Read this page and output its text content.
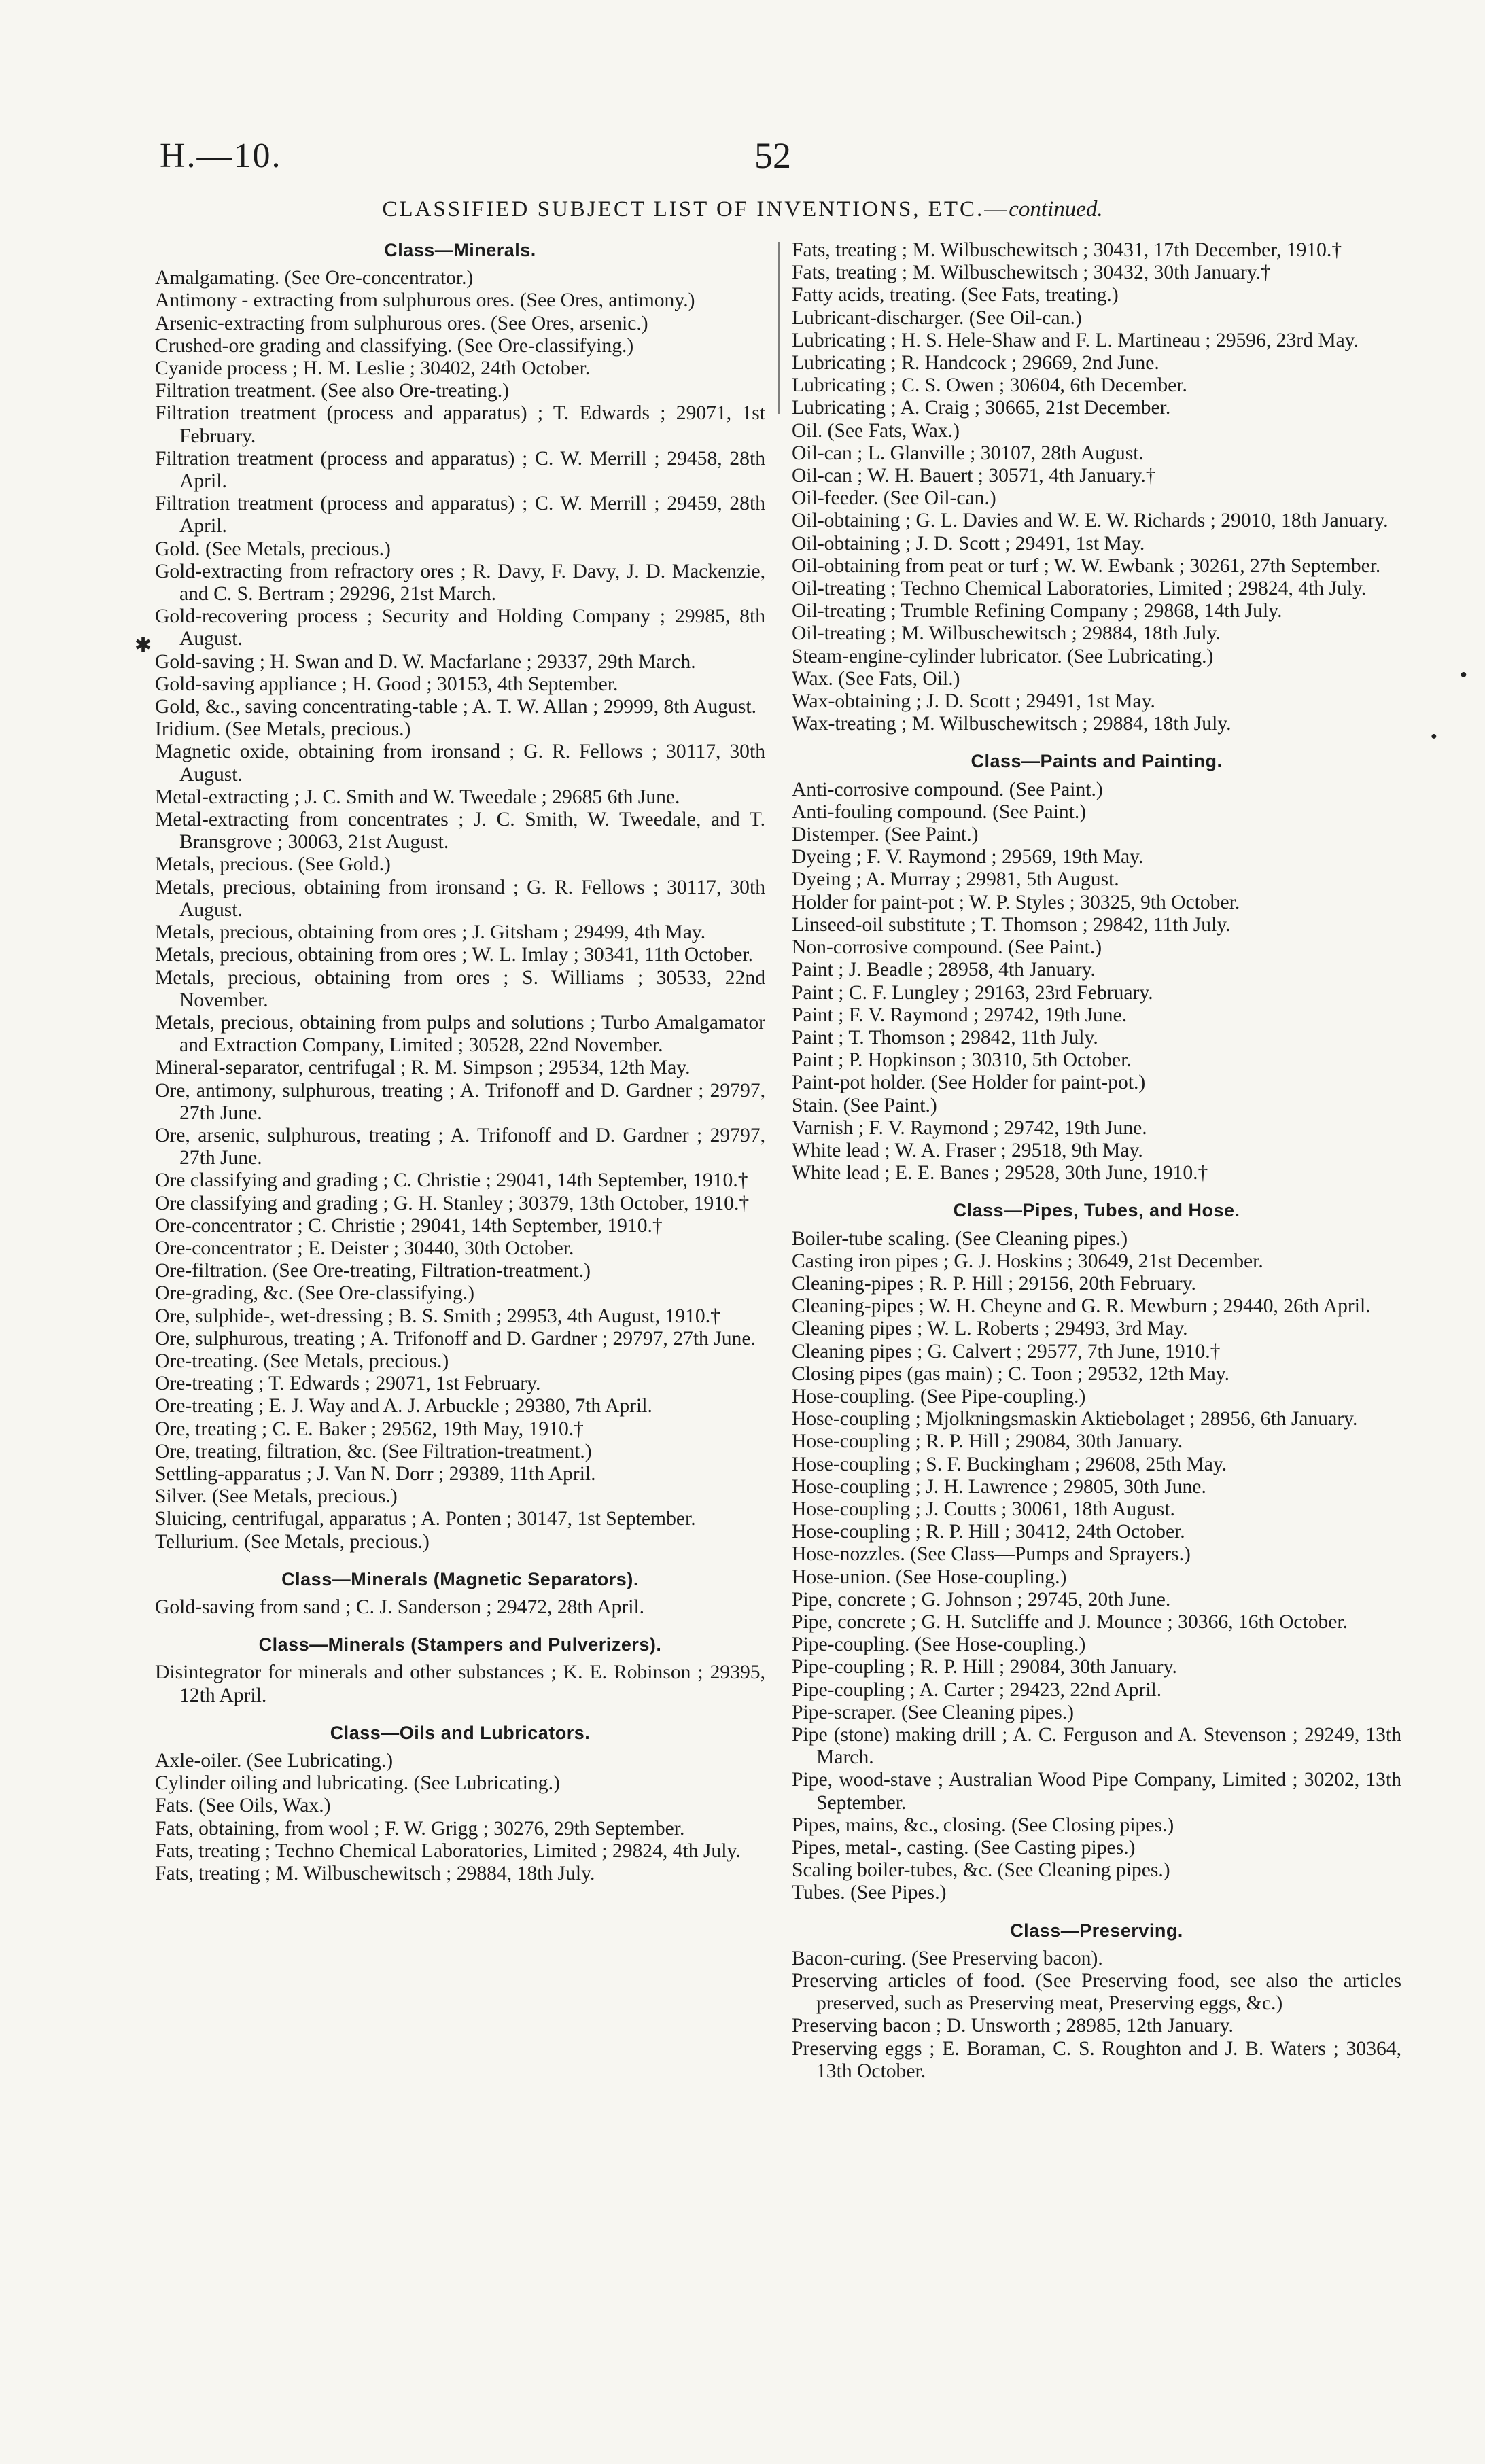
H.—10.	52
CLASSIFIED SUBJECT LIST OF INVENTIONS, ETC.—continued.
Class—Minerals.
Amalgamating. (See Ore-concentrator.)
Antimony - extracting from sulphurous ores. (See Ores, antimony.)
Arsenic-extracting from sulphurous ores. (See Ores, arsenic.)
Crushed-ore grading and classifying. (See Ore-classifying.)
Cyanide process ; H. M. Leslie ; 30402, 24th October.
Filtration treatment. (See also Ore-treating.)
Filtration treatment (process and apparatus) ; T. Edwards ; 29071, 1st February.
Filtration treatment (process and apparatus) ; C. W. Merrill ; 29458, 28th April.
Filtration treatment (process and apparatus) ; C. W. Merrill ; 29459, 28th April.
Gold. (See Metals, precious.)
Gold-extracting from refractory ores ; R. Davy, F. Davy, J. D. Mackenzie, and C. S. Bertram ; 29296, 21st March.
Gold-recovering process ; Security and Holding Company ; 29985, 8th August.
Gold-saving ; H. Swan and D. W. Macfarlane ; 29337, 29th March.
Gold-saving appliance ; H. Good ; 30153, 4th September.
Gold, &c., saving concentrating-table ; A. T. W. Allan ; 29999, 8th August.
Iridium. (See Metals, precious.)
Magnetic oxide, obtaining from ironsand ; G. R. Fellows ; 30117, 30th August.
Metal-extracting ; J. C. Smith and W. Tweedale ; 29685 6th June.
Metal-extracting from concentrates ; J. C. Smith, W. Tweedale, and T. Bransgrove ; 30063, 21st August.
Metals, precious. (See Gold.)
Metals, precious, obtaining from ironsand ; G. R. Fellows ; 30117, 30th August.
Metals, precious, obtaining from ores ; J. Gitsham ; 29499, 4th May.
Metals, precious, obtaining from ores ; W. L. Imlay ; 30341, 11th October.
Metals, precious, obtaining from ores ; S. Williams ; 30533, 22nd November.
Metals, precious, obtaining from pulps and solutions ; Turbo Amalgamator and Extraction Company, Limited ; 30528, 22nd November.
Mineral-separator, centrifugal ; R. M. Simpson ; 29534, 12th May.
Ore, antimony, sulphurous, treating ; A. Trifonoff and D. Gardner ; 29797, 27th June.
Ore, arsenic, sulphurous, treating ; A. Trifonoff and D. Gardner ; 29797, 27th June.
Ore classifying and grading ; C. Christie ; 29041, 14th September, 1910.†
Ore classifying and grading ; G. H. Stanley ; 30379, 13th October, 1910.†
Ore-concentrator ; C. Christie ; 29041, 14th September, 1910.†
Ore-concentrator ; E. Deister ; 30440, 30th October.
Ore-filtration. (See Ore-treating, Filtration-treatment.)
Ore-grading, &c. (See Ore-classifying.)
Ore, sulphide-, wet-dressing ; B. S. Smith ; 29953, 4th August, 1910.†
Ore, sulphurous, treating ; A. Trifonoff and D. Gardner ; 29797, 27th June.
Ore-treating. (See Metals, precious.)
Ore-treating ; T. Edwards ; 29071, 1st February.
Ore-treating ; E. J. Way and A. J. Arbuckle ; 29380, 7th April.
Ore, treating ; C. E. Baker ; 29562, 19th May, 1910.†
Ore, treating, filtration, &c. (See Filtration-treatment.)
Settling-apparatus ; J. Van N. Dorr ; 29389, 11th April.
Silver. (See Metals, precious.)
Sluicing, centrifugal, apparatus ; A. Ponten ; 30147, 1st September.
Tellurium. (See Metals, precious.)
Class—Minerals (Magnetic Separators).
Gold-saving from sand ; C. J. Sanderson ; 29472, 28th April.
Class—Minerals (Stampers and Pulverizers).
Disintegrator for minerals and other substances ; K. E. Robinson ; 29395, 12th April.
Class—Oils and Lubricators.
Axle-oiler. (See Lubricating.)
Cylinder oiling and lubricating. (See Lubricating.)
Fats. (See Oils, Wax.)
Fats, obtaining, from wool ; F. W. Grigg ; 30276, 29th September.
Fats, treating ; Techno Chemical Laboratories, Limited ; 29824, 4th July.
Fats, treating ; M. Wilbuschewitsch ; 29884, 18th July.
Fats, treating ; M. Wilbuschewitsch ; 30431, 17th December, 1910.†
Fats, treating ; M. Wilbuschewitsch ; 30432, 30th January.†
Fatty acids, treating. (See Fats, treating.)
Lubricant-discharger. (See Oil-can.)
Lubricating ; H. S. Hele-Shaw and F. L. Martineau ; 29596, 23rd May.
Lubricating ; R. Handcock ; 29669, 2nd June.
Lubricating ; C. S. Owen ; 30604, 6th December.
Lubricating ; A. Craig ; 30665, 21st December.
Oil. (See Fats, Wax.)
Oil-can ; L. Glanville ; 30107, 28th August.
Oil-can ; W. H. Bauert ; 30571, 4th January.†
Oil-feeder. (See Oil-can.)
Oil-obtaining ; G. L. Davies and W. E. W. Richards ; 29010, 18th January.
Oil-obtaining ; J. D. Scott ; 29491, 1st May.
Oil-obtaining from peat or turf ; W. W. Ewbank ; 30261, 27th September.
Oil-treating ; Techno Chemical Laboratories, Limited ; 29824, 4th July.
Oil-treating ; Trumble Refining Company ; 29868, 14th July.
Oil-treating ; M. Wilbuschewitsch ; 29884, 18th July.
Steam-engine-cylinder lubricator. (See Lubricating.)
Wax. (See Fats, Oil.)
Wax-obtaining ; J. D. Scott ; 29491, 1st May.
Wax-treating ; M. Wilbuschewitsch ; 29884, 18th July.
Class—Paints and Painting.
Anti-corrosive compound. (See Paint.)
Anti-fouling compound. (See Paint.)
Distemper. (See Paint.)
Dyeing ; F. V. Raymond ; 29569, 19th May.
Dyeing ; A. Murray ; 29981, 5th August.
Holder for paint-pot ; W. P. Styles ; 30325, 9th October.
Linseed-oil substitute ; T. Thomson ; 29842, 11th July.
Non-corrosive compound. (See Paint.)
Paint ; J. Beadle ; 28958, 4th January.
Paint ; C. F. Lungley ; 29163, 23rd February.
Paint ; F. V. Raymond ; 29742, 19th June.
Paint ; T. Thomson ; 29842, 11th July.
Paint ; P. Hopkinson ; 30310, 5th October.
Paint-pot holder. (See Holder for paint-pot.)
Stain. (See Paint.)
Varnish ; F. V. Raymond ; 29742, 19th June.
White lead ; W. A. Fraser ; 29518, 9th May.
White lead ; E. E. Banes ; 29528, 30th June, 1910.†
Class—Pipes, Tubes, and Hose.
Boiler-tube scaling. (See Cleaning pipes.)
Casting iron pipes ; G. J. Hoskins ; 30649, 21st December.
Cleaning-pipes ; R. P. Hill ; 29156, 20th February.
Cleaning-pipes ; W. H. Cheyne and G. R. Mewburn ; 29440, 26th April.
Cleaning pipes ; W. L. Roberts ; 29493, 3rd May.
Cleaning pipes ; G. Calvert ; 29577, 7th June, 1910.†
Closing pipes (gas main) ; C. Toon ; 29532, 12th May.
Hose-coupling. (See Pipe-coupling.)
Hose-coupling ; Mjolkningsmaskin Aktiebolaget ; 28956, 6th January.
Hose-coupling ; R. P. Hill ; 29084, 30th January.
Hose-coupling ; S. F. Buckingham ; 29608, 25th May.
Hose-coupling ; J. H. Lawrence ; 29805, 30th June.
Hose-coupling ; J. Coutts ; 30061, 18th August.
Hose-coupling ; R. P. Hill ; 30412, 24th October.
Hose-nozzles. (See Class—Pumps and Sprayers.)
Hose-union. (See Hose-coupling.)
Pipe, concrete ; G. Johnson ; 29745, 20th June.
Pipe, concrete ; G. H. Sutcliffe and J. Mounce ; 30366, 16th October.
Pipe-coupling. (See Hose-coupling.)
Pipe-coupling ; R. P. Hill ; 29084, 30th January.
Pipe-coupling ; A. Carter ; 29423, 22nd April.
Pipe-scraper. (See Cleaning pipes.)
Pipe (stone) making drill ; A. C. Ferguson and A. Stevenson ; 29249, 13th March.
Pipe, wood-stave ; Australian Wood Pipe Company, Limited ; 30202, 13th September.
Pipes, mains, &c., closing. (See Closing pipes.)
Pipes, metal-, casting. (See Casting pipes.)
Scaling boiler-tubes, &c. (See Cleaning pipes.)
Tubes. (See Pipes.)
Class—Preserving.
Bacon-curing. (See Preserving bacon).
Preserving articles of food. (See Preserving food, see also the articles preserved, such as Preserving meat, Preserving eggs, &c.)
Preserving bacon ; D. Unsworth ; 28985, 12th January.
Preserving eggs ; E. Boraman, C. S. Roughton and J. B. Waters ; 30364, 13th October.
✱
●
●
